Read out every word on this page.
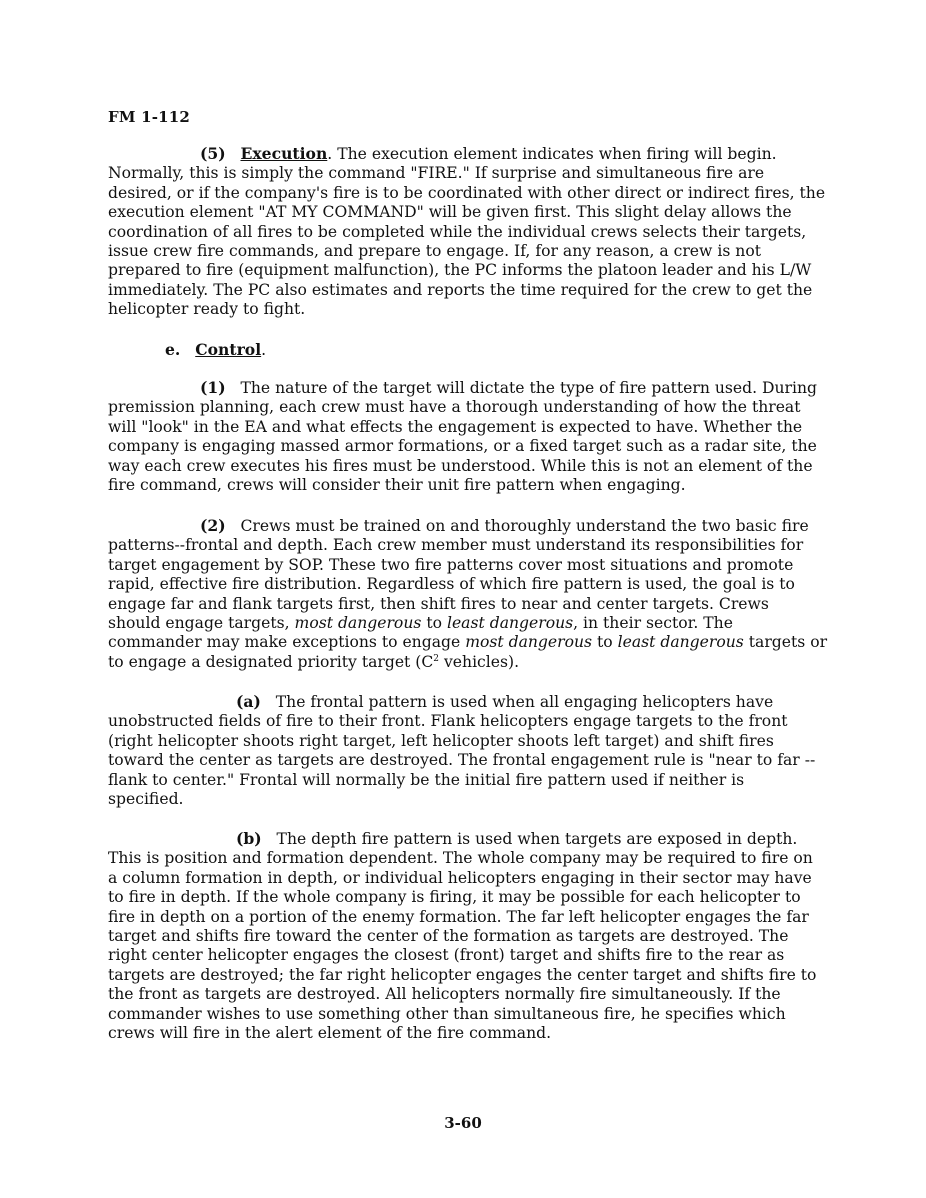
FM 1-112
(5) Execution. The execution element indicates when firing will begin.
Normally, this is simply the command "FIRE." If surprise and simultaneous fire are
desired, or if the company's fire is to be coordinated with other direct or indirect fires, the
execution element "AT MY COMMAND" will be given first. This slight delay allows the
coordination of all fires to be completed while the individual crews selects their targets,
issue crew fire commands, and prepare to engage. If, for any reason, a crew is not
prepared to fire (equipment malfunction), the PC informs the platoon leader and his L/W
immediately. The PC also estimates and reports the time required for the crew to get the
helicopter ready to fight.
e. Control.
(1) The nature of the target will dictate the type of fire pattern used. During
premission planning, each crew must have a thorough understanding of how the threat
will "look" in the EA and what effects the engagement is expected to have. Whether the
company is engaging massed armor formations, or a fixed target such as a radar site, the
way each crew executes his fires must be understood. While this is not an element of the
fire command, crews will consider their unit fire pattern when engaging.
(2) Crews must be trained on and thoroughly understand the two basic fire
patterns--frontal and depth. Each crew member must understand its responsibilities for
target engagement by SOP. These two fire patterns cover most situations and promote
rapid, effective fire distribution. Regardless of which fire pattern is used, the goal is to
engage far and flank targets first, then shift fires to near and center targets. Crews
should engage targets, most dangerous to least dangerous, in their sector. The
commander may make exceptions to engage most dangerous to least dangerous targets or
to engage a designated priority target ($C^2$ vehicles).
(a) The frontal pattern is used when all engaging helicopters have
unobstructed fields of fire to their front. Flank helicopters engage targets to the front
(right helicopter shoots right target, left helicopter shoots left target) and shift fires
toward the center as targets are destroyed. The frontal engagement rule is "near to far --
flank to center." Frontal will normally be the initial fire pattern used if neither is
specified.
(b) The depth fire pattern is used when targets are exposed in depth.
This is position and formation dependent. The whole company may be required to fire on
a column formation in depth, or individual helicopters engaging in their sector may have
to fire in depth. If the whole company is firing, it may be possible for each helicopter to
fire in depth on a portion of the enemy formation. The far left helicopter engages the far
target and shifts fire toward the center of the formation as targets are destroyed. The
right center helicopter engages the closest (front) target and shifts fire to the rear as
targets are destroyed; the far right helicopter engages the center target and shifts fire to
the front as targets are destroyed. All helicopters normally fire simultaneously. If the
commander wishes to use something other than simultaneous fire, he specifies which
crews will fire in the alert element of the fire command.
3-60
